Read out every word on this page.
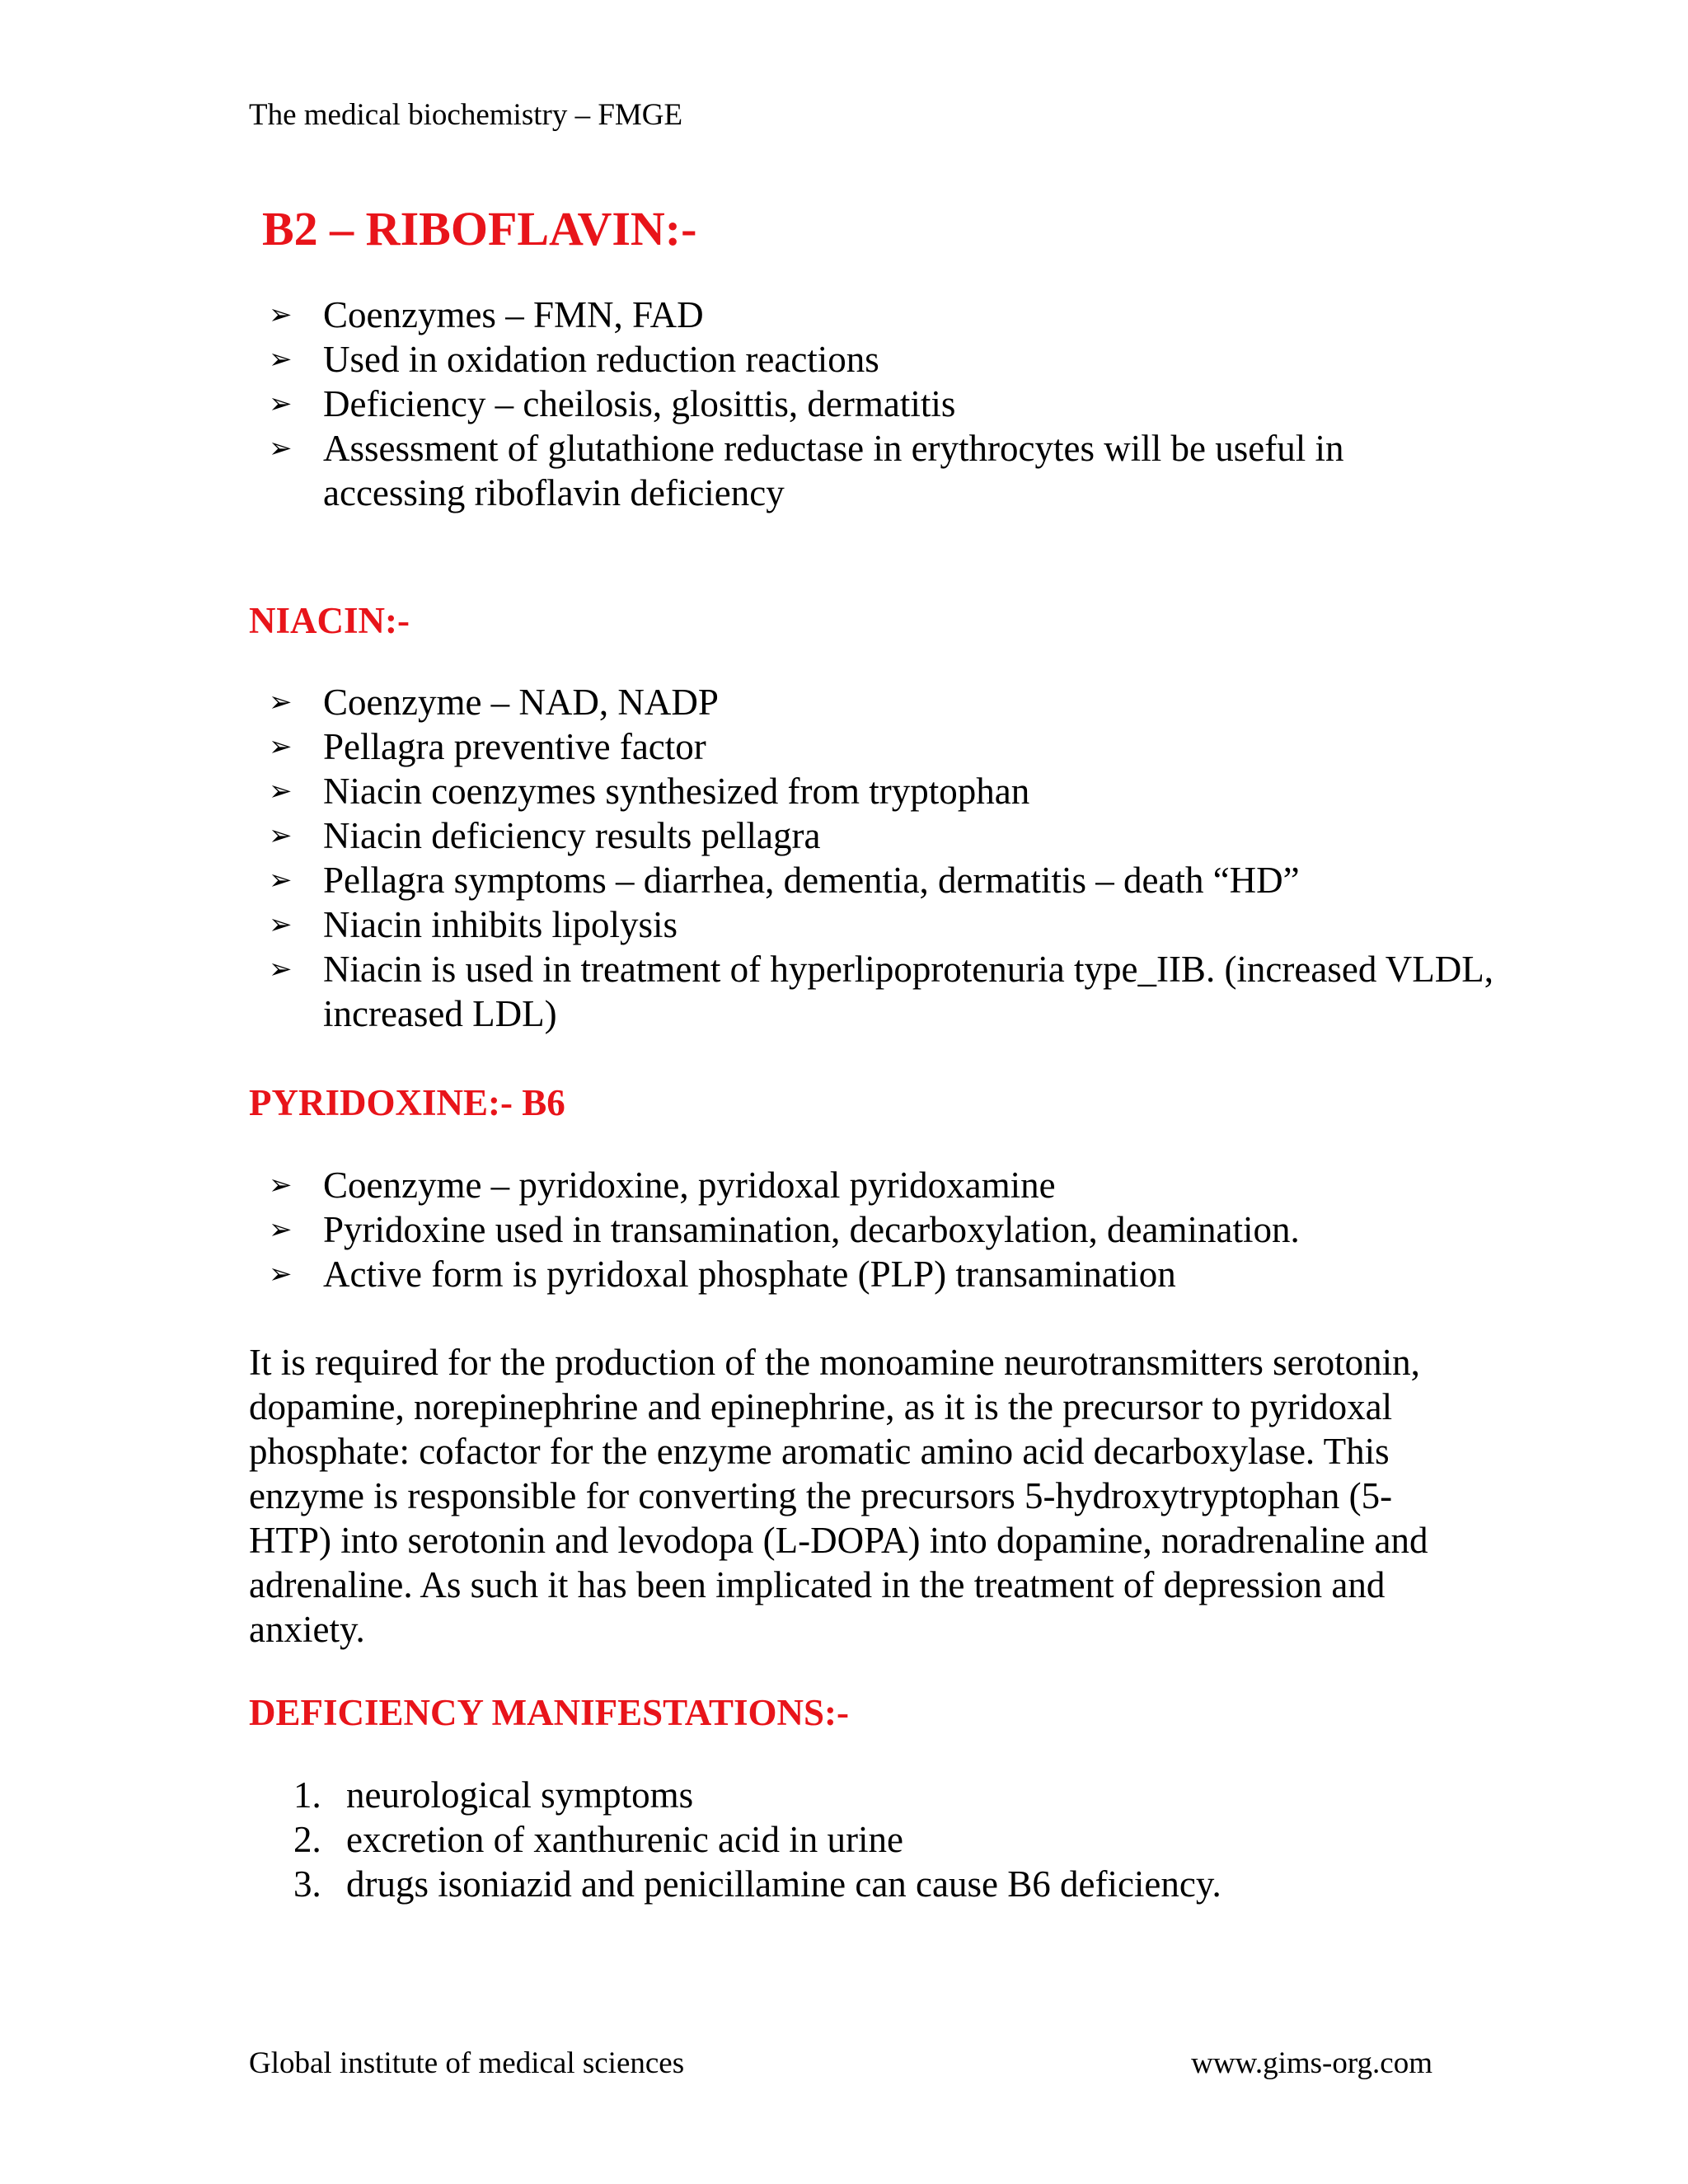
The medical biochemistry – FMGE
B2 – RIBOFLAVIN:-
➢ Coenzymes – FMN, FAD
➢ Used in oxidation reduction reactions
➢ Deficiency – cheilosis, glosittis, dermatitis
➢ Assessment of glutathione reductase in erythrocytes will be useful in accessing riboflavin deficiency
NIACIN:-
➢ Coenzyme – NAD, NADP
➢ Pellagra preventive factor
➢ Niacin coenzymes synthesized from tryptophan
➢ Niacin deficiency results pellagra
➢ Pellagra symptoms – diarrhea, dementia, dermatitis – death “HD”
➢ Niacin inhibits lipolysis
➢ Niacin is used in treatment of hyperlipoprotenuria type_IIB. (increased VLDL, increased LDL)
PYRIDOXINE:- B6
➢ Coenzyme – pyridoxine, pyridoxal pyridoxamine
➢ Pyridoxine used in transamination, decarboxylation, deamination.
➢ Active form is pyridoxal phosphate (PLP) transamination

It is required for the production of the monoamine neurotransmitters serotonin, dopamine, norepinephrine and epinephrine, as it is the precursor to pyridoxal phosphate: cofactor for the enzyme aromatic amino acid decarboxylase. This enzyme is responsible for converting the precursors 5-hydroxytryptophan (5-HTP) into serotonin and levodopa (L-DOPA) into dopamine, noradrenaline and adrenaline. As such it has been implicated in the treatment of depression and anxiety.

DEFICIENCY MANIFESTATIONS:-
1. neurological symptoms
2. excretion of xanthurenic acid in urine
3. drugs isoniazid and penicillamine can cause B6 deficiency.
Global institute of medical sciences	www.gims-org.com
